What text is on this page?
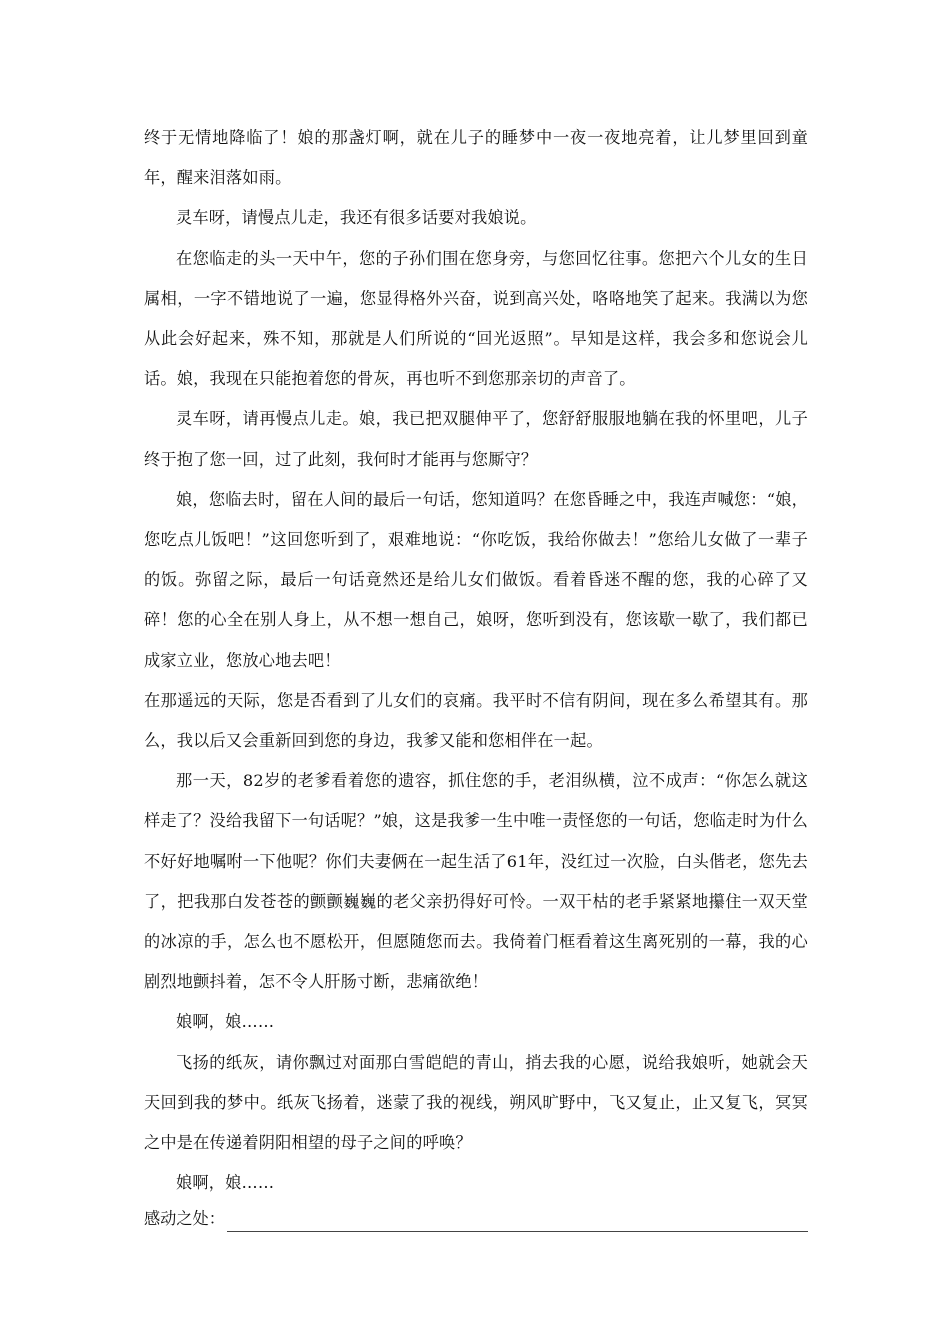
终于无情地降临了！娘的那盏灯啊，就在儿子的睡梦中一夜一夜地亮着，让儿梦里回到童年，醒来泪落如雨。

灵车呀，请慢点儿走，我还有很多话要对我娘说。

在您临走的头一天中午，您的子孙们围在您身旁，与您回忆往事。您把六个儿女的生日属相，一字不错地说了一遍，您显得格外兴奋，说到高兴处，咯咯地笑了起来。我满以为您从此会好起来，殊不知，那就是人们所说的“回光返照”。早知是这样，我会多和您说会儿话。娘，我现在只能抱着您的骨灰，再也听不到您那亲切的声音了。

灵车呀，请再慢点儿走。娘，我已把双腿伸平了，您舒舒服服地躺在我的怀里吧，儿子终于抱了您一回，过了此刻，我何时才能再与您厮守？

娘，您临去时，留在人间的最后一句话，您知道吗？在您昏睡之中，我连声喊您：“娘，您吃点儿饭吧！”这回您听到了，艰难地说：“你吃饭，我给你做去！”您给儿女做了一辈子的饭。弥留之际，最后一句话竟然还是给儿女们做饭。看着昏迷不醒的您，我的心碎了又碎！您的心全在别人身上，从不想一想自己，娘呀，您听到没有，您该歇一歇了，我们都已成家立业，您放心地去吧！

在那遥远的天际，您是否看到了儿女们的哀痛。我平时不信有阴间，现在多么希望其有。那么，我以后又会重新回到您的身边，我爹又能和您相伴在一起。

那一天，82岁的老爹看着您的遗容，抓住您的手，老泪纵横，泣不成声：“你怎么就这样走了？没给我留下一句话呢？”娘，这是我爹一生中唯一责怪您的一句话，您临走时为什么不好好地嘱咐一下他呢？你们夫妻俩在一起生活了61年，没红过一次脸，白头偕老，您先去了，把我那白发苍苍的颤颤巍巍的老父亲扔得好可怜。一双干枯的老手紧紧地攥住一双天堂的冰凉的手，怎么也不愿松开，但愿随您而去。我倚着门框看着这生离死别的一幕，我的心剧烈地颤抖着，怎不令人肝肠寸断，悲痛欲绝！

娘啊，娘……

飞扬的纸灰，请你飘过对面那白雪皑皑的青山，捎去我的心愿，说给我娘听，她就会天天回到我的梦中。纸灰飞扬着，迷蒙了我的视线，朔风旷野中，飞又复止，止又复飞，冥冥之中是在传递着阴阳相望的母子之间的呼唤？

娘啊，娘……

感动之处：
